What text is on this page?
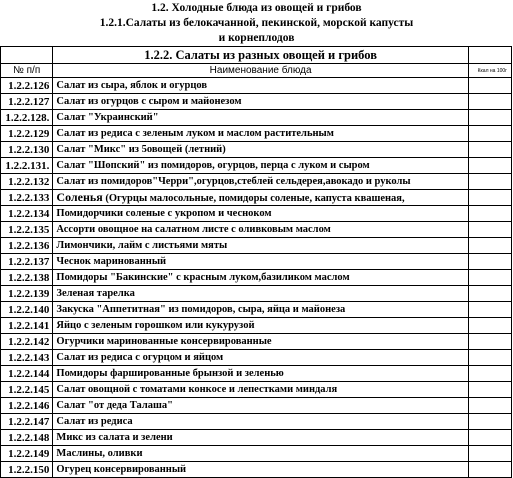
1.2. Холодные блюда из овощей и грибов
1.2.1.Салаты из белокачанной, пекинской, морской капусты
и корнеплодов
	1.2.2. Салаты из разных овощей и грибов	
№ п/п	Наименование блюда	Ккал на 100г
1.2.2.126	Салат из сыра, яблок и огурцов	
1.2.2.127	Салат из огурцов с сыром и майонезом	
1.2.2.128.	Салат "Украинский"	
1.2.2.129	Салат из редиса с зеленым луком и маслом растительным	
1.2.2.130	Салат "Микс" из 5овощей (летний)	
1.2.2.131.	Салат "Шопский" из помидоров, огурцов, перца с луком и сыром	
1.2.2.132	Салат из помидоров"Черри",огурцов,стеблей сельдерея,авокадо и руколы	
1.2.2.133	Соленья (Огурцы малосольные, помидоры соленые, капуста квашеная,	
1.2.2.134	Помидорчики соленые с укропом и чесноком	
1.2.2.135	Ассорти овощное на салатном листе с оливковым маслом	
1.2.2.136	Лимончики, лайм с листьями мяты	
1.2.2.137	Чеснок маринованный	
1.2.2.138	Помидоры "Бакинские" с красным луком,базиликом маслом	
1.2.2.139	Зеленая тарелка	
1.2.2.140	Закуска "Аппетитная" из помидоров, сыра, яйца и майонеза	
1.2.2.141	Яйцо с зеленым горошком или кукурузой	
1.2.2.142	Огурчики маринованные консервированные	
1.2.2.143	Салат из редиса с огурцом и яйцом	
1.2.2.144	Помидоры фаршированные брынзой и зеленью	
1.2.2.145	Салат овощной с томатами конкосе и лепестками миндаля	
1.2.2.146	Салат "от деда Талаша"	
1.2.2.147	Салат из редиса	
1.2.2.148	Микс из салата и зелени	
1.2.2.149	Маслины, оливки	
1.2.2.150	Огурец консервированный	
